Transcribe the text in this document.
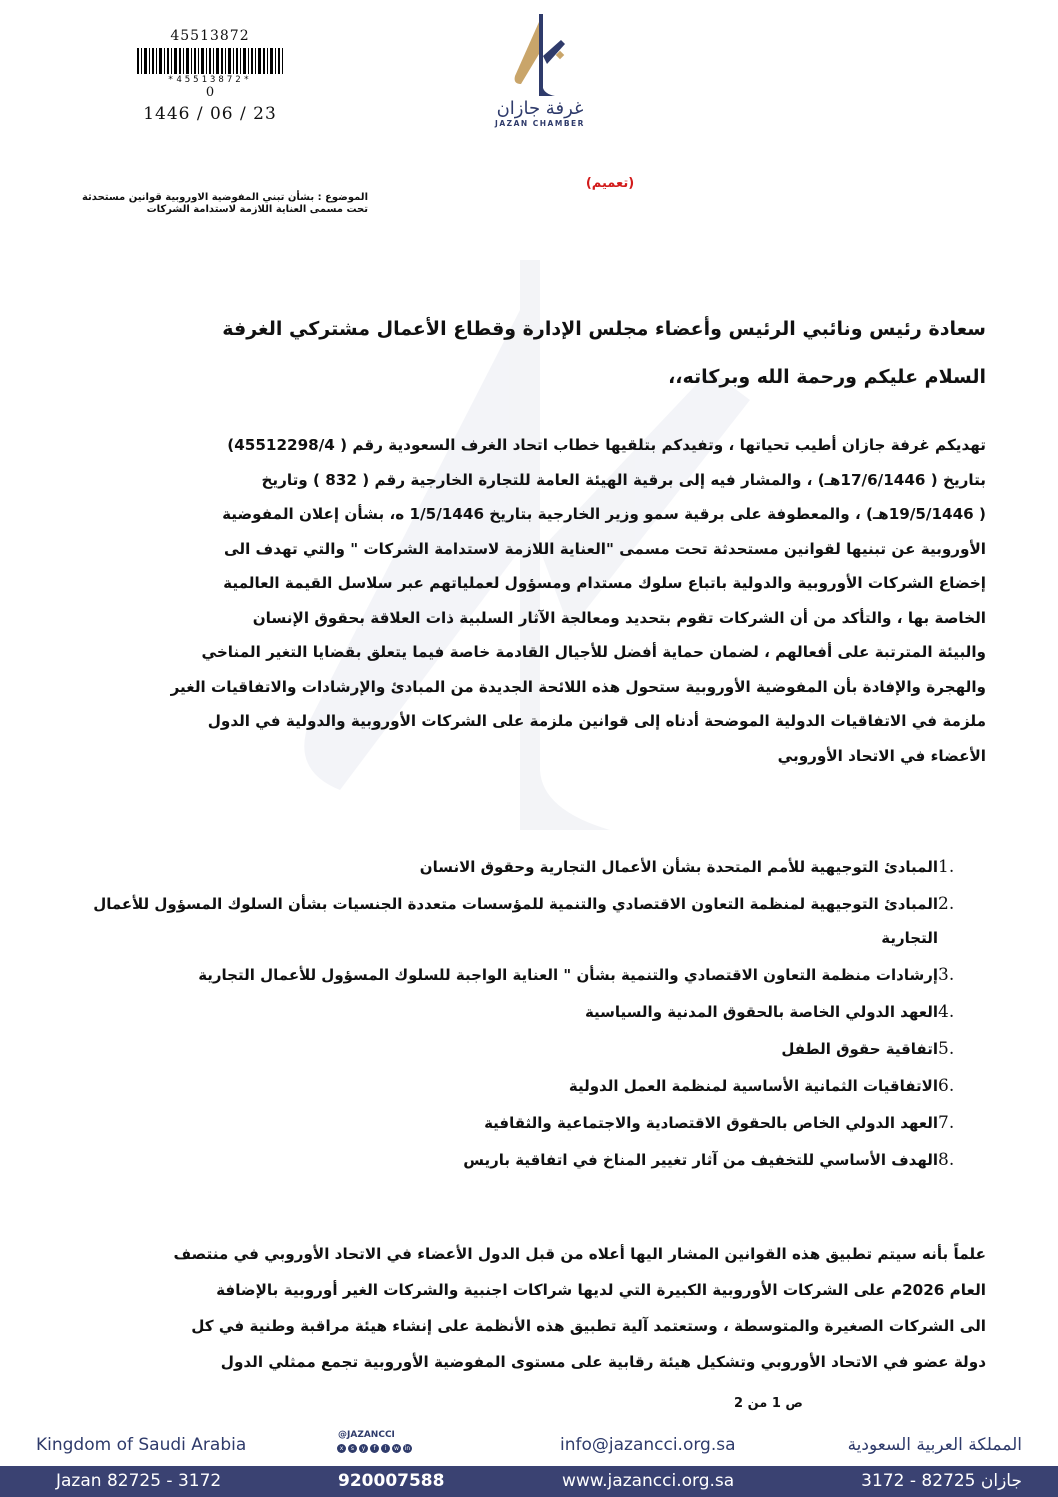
45513872
*45513872*
0
1446 / 06 / 23	غرفة جازان
JAZAN CHAMBER
(تعميم)
الموضوع : بشأن تبني المفوضية الاوروبية قوانين مستحدثة
تحت مسمى العناية اللازمة لاستدامة الشركات
سعادة رئيس ونائبي الرئيس وأعضاء مجلس الإدارة وقطاع الأعمال مشتركي الغرفة
السلام عليكم ورحمة الله وبركاته،،

تهديكم غرفة جازان أطيب تحياتها ، وتفيدكم بتلقيها خطاب اتحاد الغرف السعودية رقم ( 45512298/4)

بتاريخ ( 17/6/1446هـ) ، والمشار فيه إلى برقية الهيئة العامة للتجارة الخارجية رقم ( 832 ) وتاريخ

( 19/5/1446هـ) ، والمعطوفة على برقية سمو وزير الخارجية بتاريخ 1/5/1446 ه، بشأن إعلان المفوضية

الأوروبية عن تبنيها لقوانين مستحدثة تحت مسمى "العناية اللازمة لاستدامة الشركات " والتي تهدف الى

إخضاع الشركات الأوروبية والدولية باتباع سلوك مستدام ومسؤول لعملياتهم عبر سلاسل القيمة العالمية

الخاصة بها ، والتأكد من أن الشركات تقوم بتحديد ومعالجة الآثار السلبية ذات العلاقة بحقوق الإنسان

والبيئة المترتبة على أفعالهم ، لضمان حماية أفضل للأجيال القادمة خاصة فيما يتعلق بقضايا التغير المناخي

والهجرة والإفادة بأن المفوضية الأوروبية ستحول هذه اللائحة الجديدة من المبادئ والإرشادات والاتفاقيات الغير

ملزمة في الاتفاقيات الدولية الموضحة أدناه إلى قوانين ملزمة على الشركات الأوروبية والدولية في الدول

الأعضاء في الاتحاد الأوروبي

1.
المبادئ التوجيهية للأمم المتحدة بشأن الأعمال التجارية وحقوق الانسان
2.
المبادئ التوجيهية لمنظمة التعاون الاقتصادي والتنمية للمؤسسات متعددة الجنسيات بشأن السلوك المسؤول للأعمال التجارية
3.
إرشادات منظمة التعاون الاقتصادي والتنمية بشأن " العناية الواجبة للسلوك المسؤول للأعمال التجارية
4.
العهد الدولي الخاصة بالحقوق المدنية والسياسية
5.
اتفاقية حقوق الطفل
6.
الاتفاقيات الثمانية الأساسية لمنظمة العمل الدولية
7.
العهد الدولي الخاص بالحقوق الاقتصادية والاجتماعية والثقافية
8.
الهدف الأساسي للتخفيف من آثار تغيير المناخ في اتفاقية باريس

علماً بأنه سيتم تطبيق هذه القوانين المشار اليها أعلاه من قبل الدول الأعضاء في الاتحاد الأوروبي في منتصف

العام 2026م على الشركات الأوروبية الكبيرة التي لديها شراكات اجنبية والشركات الغير أوروبية بالإضافة

الى الشركات الصغيرة والمتوسطة ، وستعتمد آلية تطبيق هذه الأنظمة على إنشاء هيئة مراقبة وطنية في كل

دولة عضو في الاتحاد الأوروبي وتشكيل هيئة رقابية على مستوى المفوضية الأوروبية تجمع ممثلي الدول

ص 1 من 2
Kingdom of Saudi Arabia	@JAZANCCI
x	s	y	f	i	w in	info@jazancci.org.sa	المملكة العربية السعودية
Jazan 82725 - 3172	920007588	www.jazancci.org.sa	جازان 82725 - 3172
